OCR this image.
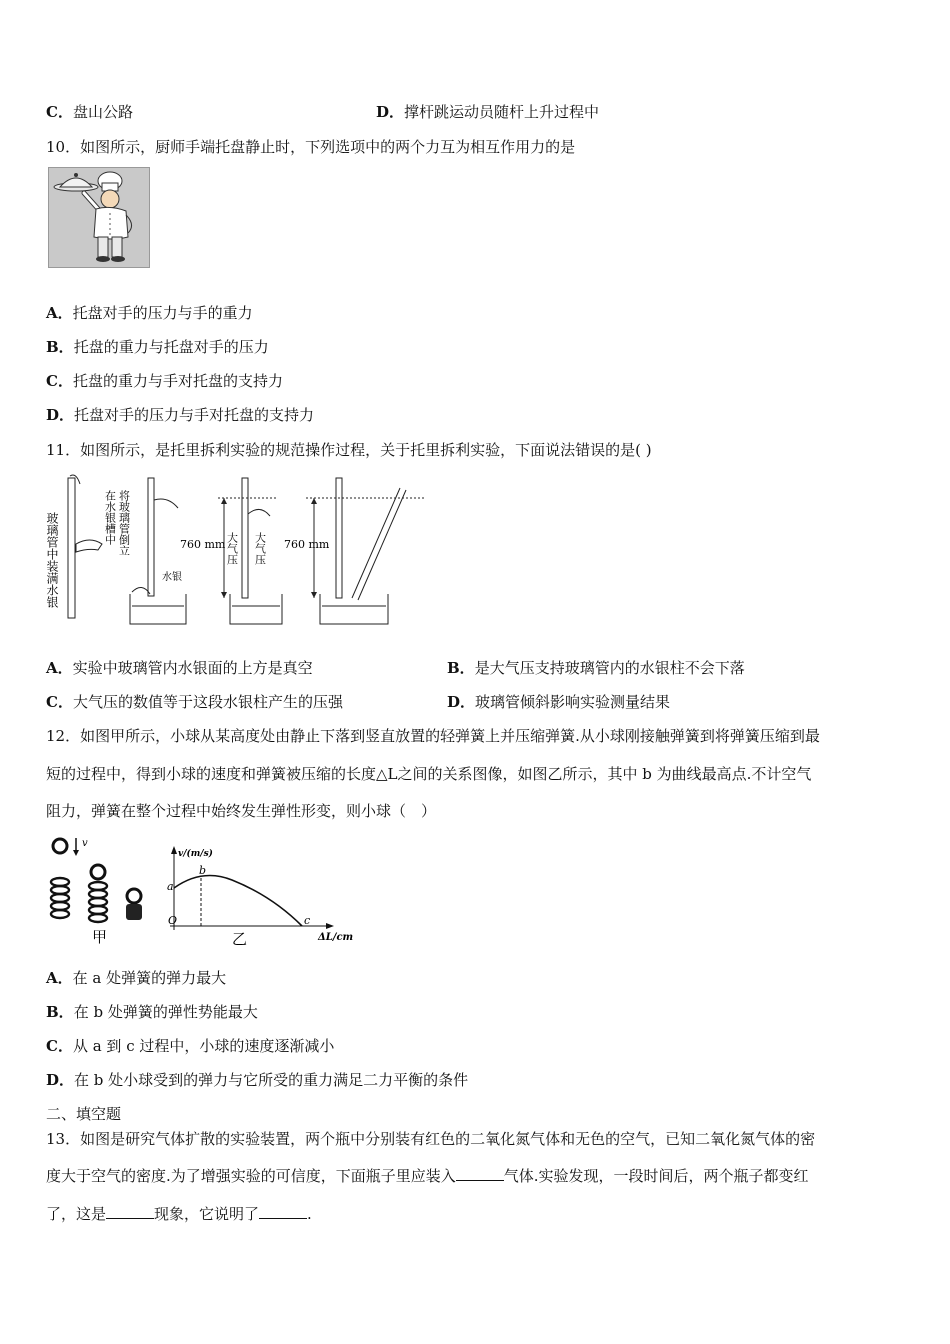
C．盘山公路	D．撑杆跳运动员随杆上升过程中
10．如图所示，厨师手端托盘静止时，下列选项中的两个力互为相互作用力的是
A．托盘对手的压力与手的重力
B．托盘的重力与托盘对手的压力
C．托盘的重力与手对托盘的支持力
D．托盘对手的压力与手对托盘的支持力
11．如图所示，是托里拆利实验的规范操作过程，关于托里拆利实验，下面说法错误的是( )
玻璃管中装满水银	在水银槽中 将玻璃管倒立
水银
760 mm 大气压 大气压 760 mm
A．实验中玻璃管内水银面的上方是真空	B．是大气压支持玻璃管内的水银柱不会下落
C．大气压的数值等于这段水银柱产生的压强	D．玻璃管倾斜影响实验测量结果
12．如图甲所示，小球从某高度处由静止下落到竖直放置的轻弹簧上并压缩弹簧.从小球刚接触弹簧到将弹簧压缩到最
短的过程中，得到小球的速度和弹簧被压缩的长度△L之间的关系图像，如图乙所示，其中 b 为曲线最高点.不计空气
阻力，弹簧在整个过程中始终发生弹性形变，则小球（　）
v
甲
v/(m/s)
ΔL/cm
O
a
b
c
乙
A．在 a 处弹簧的弹力最大
B．在 b 处弹簧的弹性势能最大
C．从 a 到 c 过程中，小球的速度逐渐减小
D．在 b 处小球受到的弹力与它所受的重力满足二力平衡的条件
二、填空题
13．如图是研究气体扩散的实验装置，两个瓶中分别装有红色的二氧化氮气体和无色的空气，已知二氧化氮气体的密
度大于空气的密度.为了增强实验的可信度，下面瓶子里应装入	气体.实验发现，一段时间后，两个瓶子都变红
了，这是	现象，它说明了	.
